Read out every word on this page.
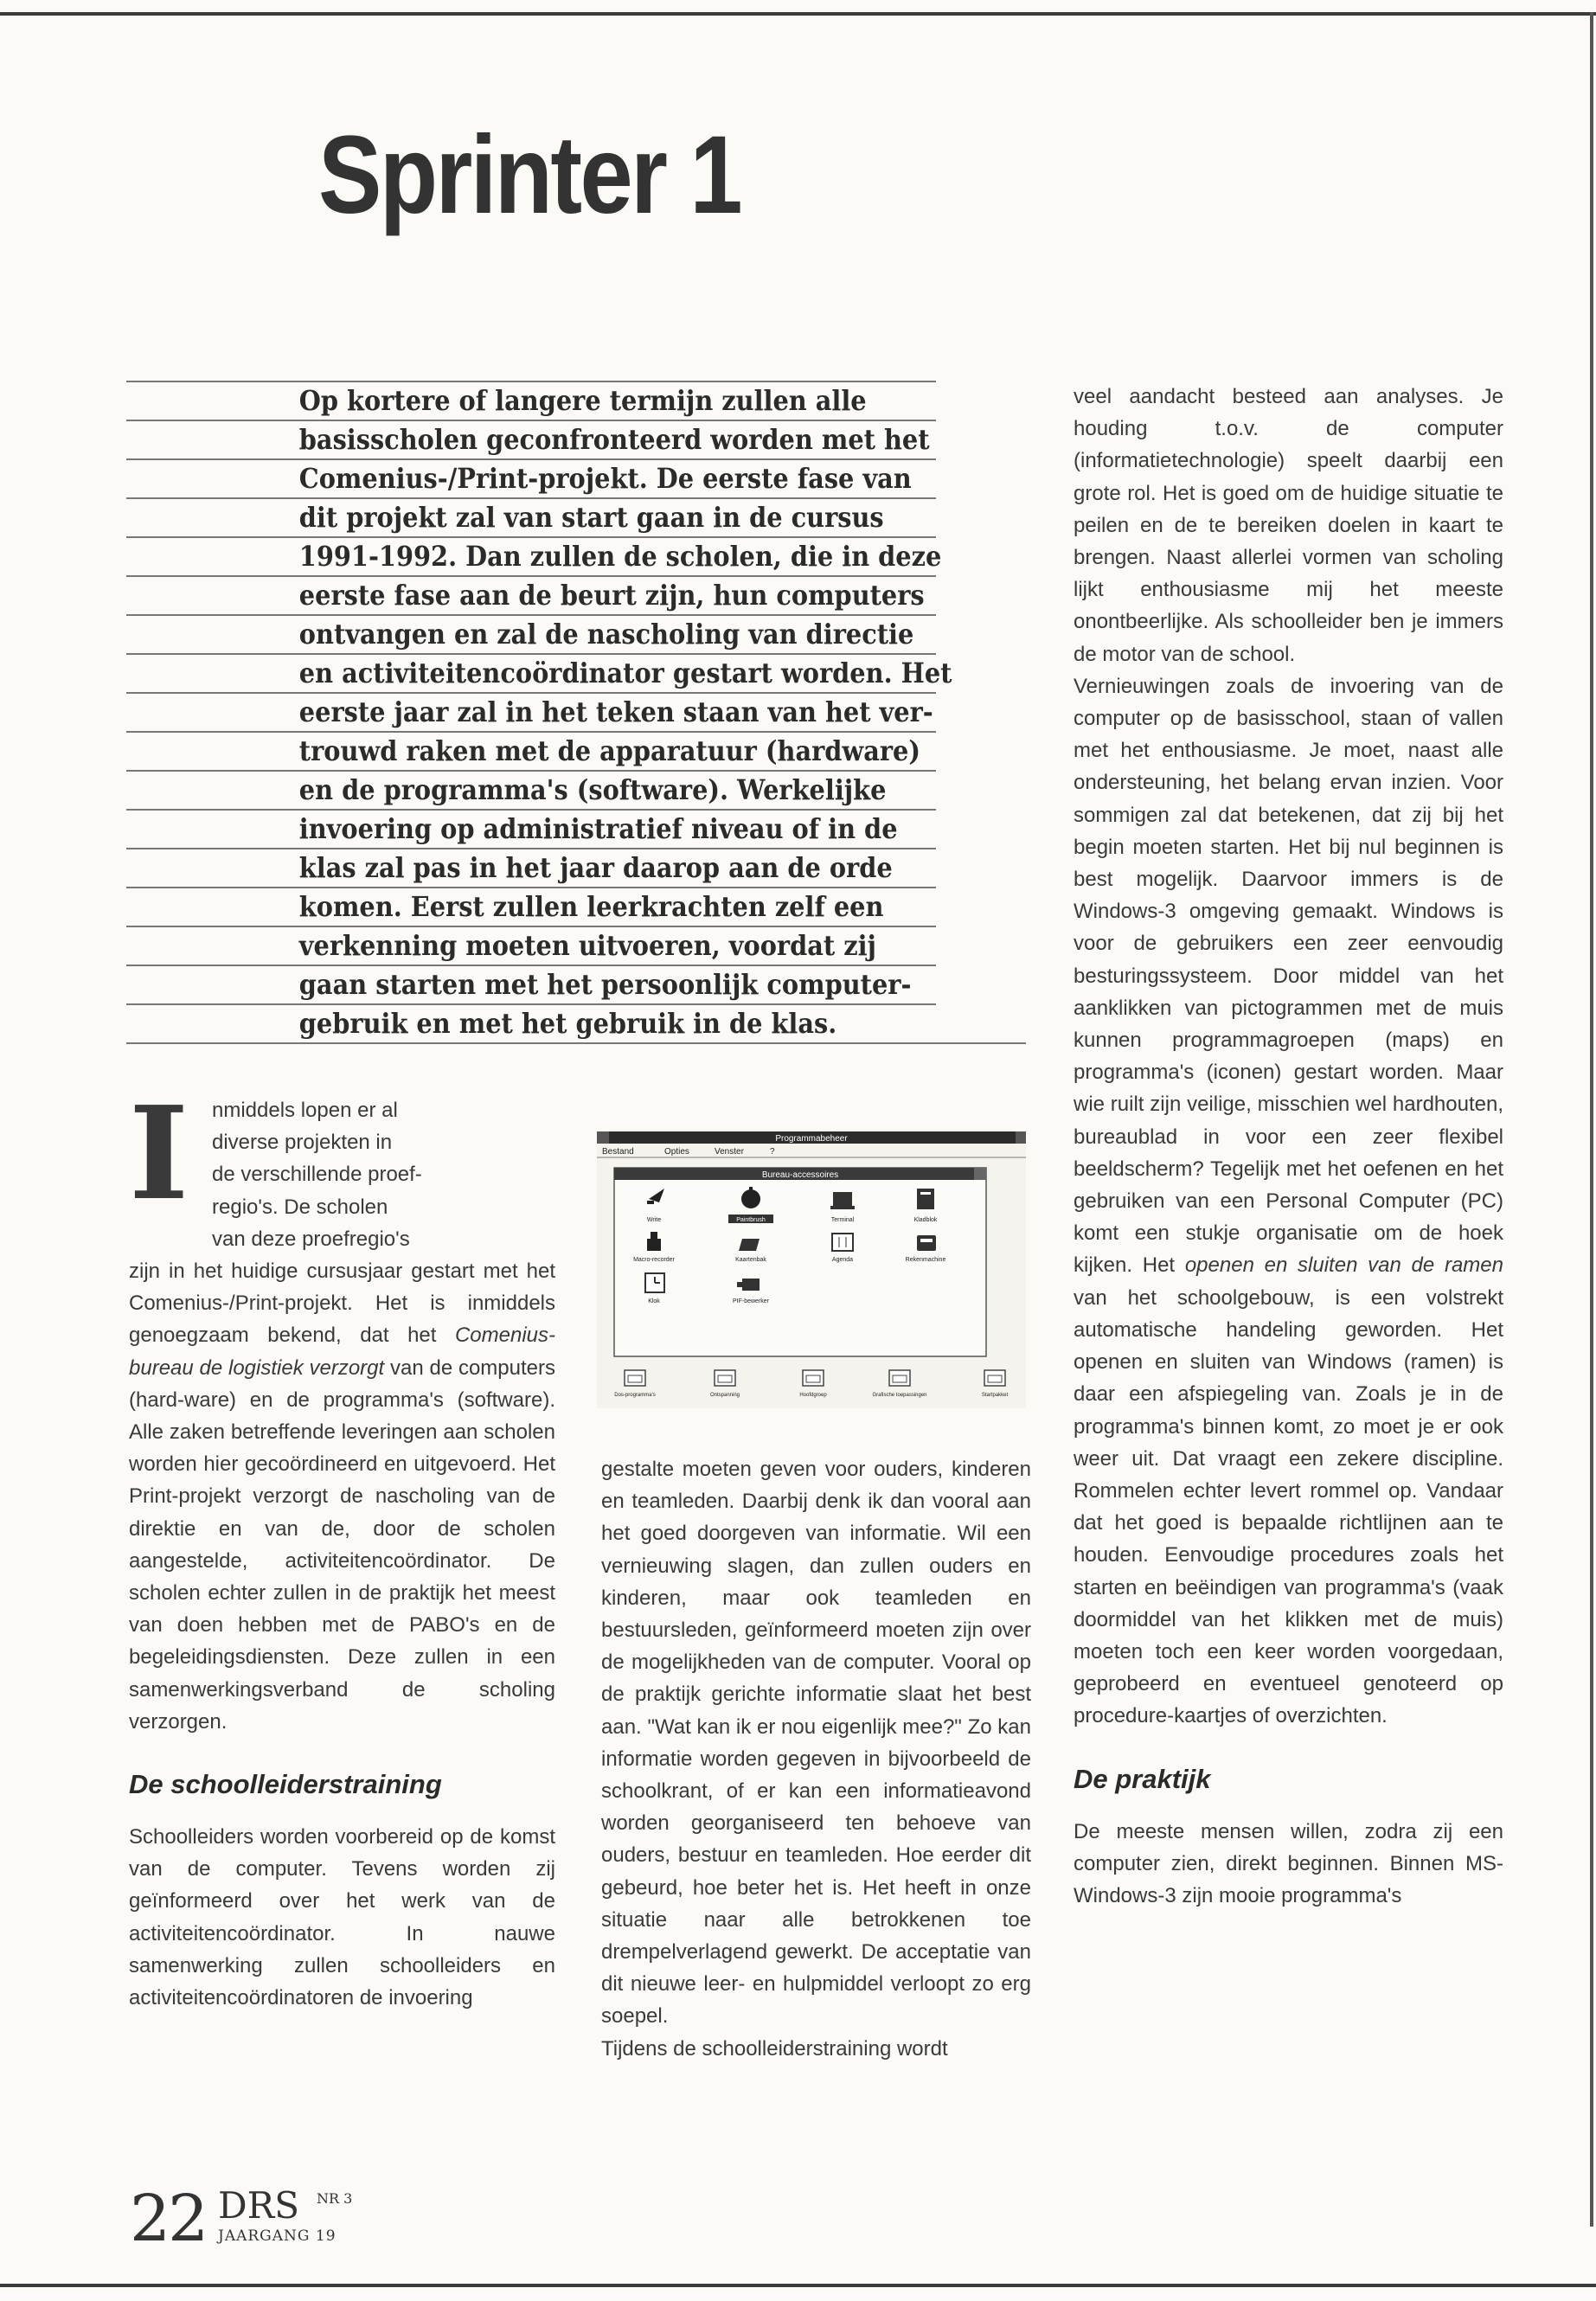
Sprinter 1
Op kortere of langere termijn zullen alle
basisscholen geconfronteerd worden met het
Comenius-/Print-projekt. De eerste fase van
dit projekt zal van start gaan in de cursus
1991-1992. Dan zullen de scholen, die in deze
eerste fase aan de beurt zijn, hun computers
ontvangen en zal de nascholing van directie
en activiteitencoördinator gestart worden. Het
eerste jaar zal in het teken staan van het ver-
trouwd raken met de apparatuur (hardware)
en de programma's (software). Werkelijke
invoering op administratief niveau of in de
klas zal pas in het jaar daarop aan de orde
komen. Eerst zullen leerkrachten zelf een
verkenning moeten uitvoeren, voordat zij
gaan starten met het persoonlijk computer-
gebruik en met het gebruik in de klas.
I	nmiddels lopen er al
diverse projekten in
de verschillende proef-
regio's. De scholen
van deze proefregio's

zijn in het huidige cursusjaar gestart met het Comenius-/Print-projekt. Het is inmiddels genoegzaam bekend, dat het Comenius-bureau de logistiek verzorgt van de computers (hard-ware) en de programma's (software). Alle zaken betreffende leveringen aan scholen worden hier gecoördineerd en uitgevoerd. Het Print-projekt verzorgt de nascholing van de direktie en van de, door de scholen aangestelde, activiteitencoördinator. De scholen echter zullen in de praktijk het meest van doen hebben met de PABO's en de begeleidingsdiensten. Deze zullen in een samenwerkingsverband de scholing verzorgen.

De schoolleiderstraining

Schoolleiders worden voorbereid op de komst van de computer. Tevens worden zij geïnformeerd over het werk van de activiteitencoördinator. In nauwe samenwerking zullen schoolleiders en activiteitencoördinatoren de invoering

Programmabeheer
Bestand	Opties	Venster	?
Bureau-accessoires
Write	Paintbrush	Terminal	Kladblok
Macro-recorder	Kaartenbak	Agenda	Rekenmachine
Klok	PIF-bewerker
Dos-programma's	Ontspanning	Hoofdgroep	Grafische toepassingen	Startpakket

gestalte moeten geven voor ouders, kinderen en teamleden. Daarbij denk ik dan vooral aan het goed doorgeven van informatie. Wil een vernieuwing slagen, dan zullen ouders en kinderen, maar ook teamleden en bestuursleden, geïnformeerd moeten zijn over de mogelijkheden van de computer. Vooral op de praktijk gerichte informatie slaat het best aan. "Wat kan ik er nou eigenlijk mee?" Zo kan informatie worden gegeven in bijvoorbeeld de schoolkrant, of er kan een informatieavond worden georganiseerd ten behoeve van ouders, bestuur en teamleden. Hoe eerder dit gebeurd, hoe beter het is. Het heeft in onze situatie naar alle betrokkenen toe drempelverlagend gewerkt. De acceptatie van dit nieuwe leer- en hulpmiddel verloopt zo erg soepel.

Tijdens de schoolleiderstraining wordt

veel aandacht besteed aan analyses. Je houding t.o.v. de computer (informatietechnologie) speelt daarbij een grote rol. Het is goed om de huidige situatie te peilen en de te bereiken doelen in kaart te brengen. Naast allerlei vormen van scholing lijkt enthousiasme mij het meeste onontbeerlijke. Als schoolleider ben je immers de motor van de school.

Vernieuwingen zoals de invoering van de computer op de basisschool, staan of vallen met het enthousiasme. Je moet, naast alle ondersteuning, het belang ervan inzien. Voor sommigen zal dat betekenen, dat zij bij het begin moeten starten. Het bij nul beginnen is best mogelijk. Daarvoor immers is de Windows-3 omgeving gemaakt. Windows is voor de gebruikers een zeer eenvoudig besturingssysteem. Door middel van het aanklikken van pictogrammen met de muis kunnen programmagroepen (maps) en programma's (iconen) gestart worden. Maar wie ruilt zijn veilige, misschien wel hardhouten, bureaublad in voor een zeer flexibel beeldscherm? Tegelijk met het oefenen en het gebruiken van een Personal Computer (PC) komt een stukje organisatie om de hoek kijken. Het openen en sluiten van de ramen van het schoolgebouw, is een volstrekt automatische handeling geworden. Het openen en sluiten van Windows (ramen) is daar een afspiegeling van. Zoals je in de programma's binnen komt, zo moet je er ook weer uit. Dat vraagt een zekere discipline. Rommelen echter levert rommel op. Vandaar dat het goed is bepaalde richtlijnen aan te houden. Eenvoudige procedures zoals het starten en beëindigen van programma's (vaak doormiddel van het klikken met de muis) moeten toch een keer worden voorgedaan, geprobeerd en eventueel genoteerd op procedure-kaartjes of overzichten.

De praktijk

De meeste mensen willen, zodra zij een computer zien, direkt beginnen. Binnen MS-Windows-3 zijn mooie programma's

22 DRS NR 3
JAARGANG 19
